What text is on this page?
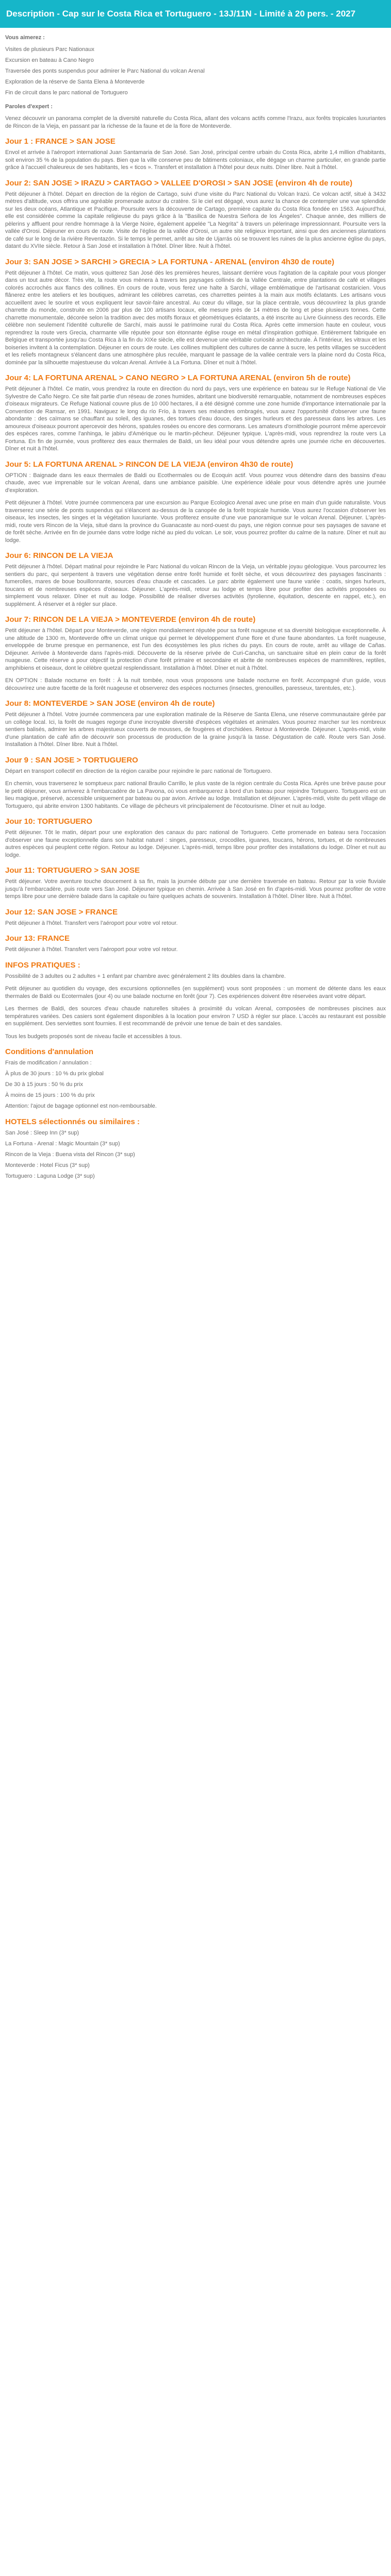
Description - Cap sur le Costa Rica et Tortuguero - 13J/11N - Limité à 20 pers. - 2027
Vous aimerez :
Visites de plusieurs Parc Nationaux
Excursion en bateau à Cano Negro
Traversée des ponts suspendus pour admirer le Parc National du volcan Arenal
Exploration de la réserve de Santa Elena à Monteverde
Fin de circuit dans le parc national de Tortuguero
Paroles d'expert :

Venez découvrir un panorama complet de la diversité naturelle du Costa Rica, allant des volcans actifs comme l'Irazu, aux forêts tropicales luxuriantes de Rincon de la Vieja, en passant par la richesse de la faune et de la flore de Monteverde.

Jour 1 : FRANCE > SAN JOSE

Envol et arrivée à l'aéroport international Juan Santamaria de San José. San José, principal centre urbain du Costa Rica, abrite 1,4 million d'habitants, soit environ 35 % de la population du pays. Bien que la ville conserve peu de bâtiments coloniaux, elle dégage un charme particulier, en grande partie grâce à l'accueil chaleureux de ses habitants, les « ticos ». Transfert et installation à l'hôtel pour deux nuits. Dîner libre. Nuit à l'hôtel.

Jour 2: SAN JOSE > IRAZU > CARTAGO > VALLEE D'OROSI > SAN JOSE (environ 4h de route)

Petit déjeuner à l'hôtel. Départ en direction de la région de Cartago, suivi d'une visite du Parc National du Volcan Irazú. Ce volcan actif, situé à 3432 mètres d'altitude, vous offrira une agréable promenade autour du cratère. Si le ciel est dégagé, vous aurez la chance de contempler une vue splendide sur les deux océans, Atlantique et Pacifique. Poursuite vers la découverte de Cartago, première capitale du Costa Rica fondée en 1563. Aujourd'hui, elle est considérée comme la capitale religieuse du pays grâce à la "Basilica de Nuestra Señora de los Ángeles". Chaque année, des milliers de pèlerins y affluent pour rendre hommage à la Vierge Noire, également appelée "La Negrita" à travers un pèlerinage impressionnant. Poursuite vers la vallée d'Orosi. Déjeuner en cours de route. Visite de l'église de la vallée d'Orosi, un autre site religieux important, ainsi que des anciennes plantations de café sur le long de la rivière Reventazón. Si le temps le permet, arrêt au site de Ujarrás où se trouvent les ruines de la plus ancienne église du pays, datant du XVIIe siècle. Retour à San José et installation à l'hôtel. Dîner libre. Nuit à l'hôtel.

Jour 3: SAN JOSE > SARCHI > GRECIA > LA FORTUNA - ARENAL (environ 4h30 de route)

Petit déjeuner à l'hôtel. Ce matin, vous quitterez San José dès les premières heures, laissant derrière vous l'agitation de la capitale pour vous plonger dans un tout autre décor. Très vite, la route vous mènera à travers les paysages collinés de la Vallée Centrale, entre plantations de café et villages colorés accrochés aux flancs des collines. En cours de route, vous ferez une halte à Sarchí, village emblématique de l'artisanat costaricien. Vous flânerez entre les ateliers et les boutiques, admirant les célèbres carretas, ces charrettes peintes à la main aux motifs éclatants. Les artisans vous accueillent avec le sourire et vous expliquent leur savoir-faire ancestral. Au cœur du village, sur la place centrale, vous découvrirez la plus grande charrette du monde, construite en 2006 par plus de 100 artisans locaux, elle mesure près de 14 mètres de long et pèse plusieurs tonnes. Cette charrette monumentale, décorée selon la tradition avec des motifs floraux et géométriques éclatants, a été inscrite au Livre Guinness des records. Elle célèbre non seulement l'identité culturelle de Sarchí, mais aussi le patrimoine rural du Costa Rica. Après cette immersion haute en couleur, vous reprendrez la route vers Grecia, charmante ville réputée pour son étonnante église rouge en métal d'inspiration gothique. Entièrement fabriquée en Belgique et transportée jusqu'au Costa Rica à la fin du XIXe siècle, elle est devenue une véritable curiosité architecturale. À l'intérieur, les vitraux et les boiseries invitent à la contemplation. Déjeuner en cours de route. Les collines multiplient des cultures de canne à sucre, les petits villages se succèdent et les reliefs montagneux s'élancent dans une atmosphère plus reculée, marquant le passage de la vallée centrale vers la plaine nord du Costa Rica, dominée par la silhouette majestueuse du volcan Arenal. Arrivée à La Fortuna. Dîner et nuit à l'hôtel.

Jour 4: LA FORTUNA ARENAL > CANO NEGRO > LA FORTUNA ARENAL (environ 5h de route)

Petit déjeuner à l'hôtel. Ce matin, vous prendrez la route en direction du nord du pays, vers une expérience en bateau sur le Refuge National de Vie Sylvestre de Caño Negro. Ce site fait partie d'un réseau de zones humides, abritant une biodiversité remarquable, notamment de nombreuses espèces d'oiseaux migrateurs. Ce Refuge National couvre plus de 10 000 hectares, il a été désigné comme une zone humide d'importance internationale par la Convention de Ramsar, en 1991. Naviguez le long du río Frío, à travers ses méandres ombragés, vous aurez l'opportunité d'observer une faune abondante : des caïmans se chauffant au soleil, des iguanes, des tortues d'eau douce, des singes hurleurs et des paresseux dans les arbres. Les amoureux d'oiseaux pourront apercevoir des hérons, spatules rosées ou encore des cormorans. Les amateurs d'ornithologie pourront même apercevoir des espèces rares, comme l'anhinga, le jabiru d'Amérique ou le martin-pêcheur. Déjeuner typique. L'après-midi, vous reprendrez la route vers La Fortuna. En fin de journée, vous profiterez des eaux thermales de Baldi, un lieu idéal pour vous détendre après une journée riche en découvertes. Dîner et nuit à l'hôtel.

Jour 5: LA FORTUNA ARENAL > RINCON DE LA VIEJA (environ 4h30 de route)

OPTION : Baignade dans les eaux thermales de Baldi ou Ecothermales ou de Ecoquin actif. Vous pourrez vous détendre dans des bassins d'eau chaude, avec vue imprenable sur le volcan Arenal, dans une ambiance paisible. Une expérience idéale pour vous détendre après une journée d'exploration.

Petit déjeuner à l'hôtel. Votre journée commencera par une excursion au Parque Ecologico Arenal avec une prise en main d'un guide naturaliste. Vous traverserez une série de ponts suspendus qui s'élancent au-dessus de la canopée de la forêt tropicale humide. Vous aurez l'occasion d'observer les oiseaux, les insectes, les singes et la végétation luxuriante. Vous profiterez ensuite d'une vue panoramique sur le volcan Arenal. Déjeuner. L'après-midi, route vers Rincon de la Vieja, situé dans la province du Guanacaste au nord-ouest du pays, une région connue pour ses paysages de savane et de forêt sèche. Arrivée en fin de journée dans votre lodge niché au pied du volcan. Le soir, vous pourrez profiter du calme de la nature. Dîner et nuit au lodge.

Jour 6: RINCON DE LA VIEJA

Petit déjeuner à l'hôtel. Départ matinal pour rejoindre le Parc National du volcan Rincon de la Vieja, un véritable joyau géologique. Vous parcourrez les sentiers du parc, qui serpentent à travers une végétation dense entre forêt humide et forêt sèche, et vous découvrirez des paysages fascinants : fumerolles, mares de boue bouillonnante, sources d'eau chaude et cascades. Le parc abrite également une faune variée : coatis, singes hurleurs, toucans et de nombreuses espèces d'oiseaux. Déjeuner. L'après-midi, retour au lodge et temps libre pour profiter des activités proposées ou simplement vous relaxer. Dîner et nuit au lodge. Possibilité de réaliser diverses activités (tyrolienne, équitation, descente en rappel, etc.), en supplément. À réserver et à régler sur place.

Jour 7: RINCON DE LA VIEJA > MONTEVERDE (environ 4h de route)

Petit déjeuner à l'hôtel. Départ pour Monteverde, une région mondialement réputée pour sa forêt nuageuse et sa diversité biologique exceptionnelle. À une altitude de 1300 m, Monteverde offre un climat unique qui permet le développement d'une flore et d'une faune abondantes. La forêt nuageuse, enveloppée de brume presque en permanence, est l'un des écosystèmes les plus riches du pays. En cours de route, arrêt au village de Cañas. Déjeuner. Arrivée à Monteverde dans l'après-midi. Découverte de la réserve privée de Curi-Cancha, un sanctuaire situé en plein cœur de la forêt nuageuse. Cette réserve a pour objectif la protection d'une forêt primaire et secondaire et abrite de nombreuses espèces de mammifères, reptiles, amphibiens et oiseaux, dont le célèbre quetzal resplendissant. Installation à l'hôtel. Dîner et nuit à l'hôtel.

EN OPTION : Balade nocturne en forêt : À la nuit tombée, nous vous proposons une balade nocturne en forêt. Accompagné d'un guide, vous découvrirez une autre facette de la forêt nuageuse et observerez des espèces nocturnes (insectes, grenouilles, paresseux, tarentules, etc.).

Jour 8: MONTEVERDE > SAN JOSE (environ 4h de route)

Petit déjeuner à l'hôtel. Votre journée commencera par une exploration matinale de la Réserve de Santa Elena, une réserve communautaire gérée par un collège local. Ici, la forêt de nuages regorge d'une incroyable diversité d'espèces végétales et animales. Vous pourrez marcher sur les nombreux sentiers balisés, admirer les arbres majestueux couverts de mousses, de fougères et d'orchidées. Retour à Monteverde. Déjeuner. L'après-midi, visite d'une plantation de café afin de découvrir son processus de production de la graine jusqu'à la tasse. Dégustation de café. Route vers San José. Installation à l'hôtel. Dîner libre. Nuit à l'hôtel.

Jour 9 : SAN JOSE > TORTUGUERO

Départ en transport collectif en direction de la région caraïbe pour rejoindre le parc national de Tortuguero.

En chemin, vous traverserez le somptueux parc national Braulio Carrillo, le plus vaste de la région centrale du Costa Rica. Après une brève pause pour le petit déjeuner, vous arriverez à l'embarcadère de La Pavona, où vous embarquerez à bord d'un bateau pour rejoindre Tortuguero. Tortuguero est un lieu magique, préservé, accessible uniquement par bateau ou par avion. Arrivée au lodge. Installation et déjeuner. L'après-midi, visite du petit village de Tortuguero, qui abrite environ 1300 habitants. Ce village de pêcheurs vit principalement de l'écotourisme. Dîner et nuit au lodge.

Jour 10: TORTUGUERO

Petit déjeuner. Tôt le matin, départ pour une exploration des canaux du parc national de Tortuguero. Cette promenade en bateau sera l'occasion d'observer une faune exceptionnelle dans son habitat naturel : singes, paresseux, crocodiles, iguanes, toucans, hérons, tortues, et de nombreuses autres espèces qui peuplent cette région. Retour au lodge. Déjeuner. L'après-midi, temps libre pour profiter des installations du lodge. Dîner et nuit au lodge.

Jour 11: TORTUGUERO > SAN JOSE

Petit déjeuner. Votre aventure touche doucement à sa fin, mais la journée débute par une dernière traversée en bateau. Retour par la voie fluviale jusqu'à l'embarcadère, puis route vers San José. Déjeuner typique en chemin. Arrivée à San José en fin d'après-midi. Vous pourrez profiter de votre temps libre pour une dernière balade dans la capitale ou faire quelques achats de souvenirs. Installation à l'hôtel. Dîner libre. Nuit à l'hôtel.

Jour 12: SAN JOSE > FRANCE

Petit déjeuner à l'hôtel. Transfert vers l'aéroport pour votre vol retour.

Jour 13: FRANCE

Petit déjeuner à l'hôtel. Transfert vers l'aéroport pour votre vol retour.

INFOS PRATIQUES :

Possibilité de 3 adultes ou 2 adultes + 1 enfant par chambre avec généralement 2 lits doubles dans la chambre.

Petit déjeuner au quotidien du voyage, des excursions optionnelles (en supplément) vous sont proposées : un moment de détente dans les eaux thermales de Baldi ou Ecotermales (jour 4) ou une balade nocturne en forêt (jour 7). Ces expériences doivent être réservées avant votre départ.

Les thermes de Baldi, des sources d'eau chaude naturelles situées à proximité du volcan Arenal, composées de nombreuses piscines aux températures variées. Des casiers sont également disponibles à la location pour environ 7 USD à régler sur place. L'accès au restaurant est possible en supplément. Des serviettes sont fournies. Il est recommandé de prévoir une tenue de bain et des sandales.

Tous les budgets proposés sont de niveau facile et accessibles à tous.

Conditions d'annulation
Frais de modification / annulation :
À plus de 30 jours : 10 % du prix global
De 30 à 15 jours : 50 % du prix
À moins de 15 jours : 100 % du prix
Attention: l'ajout de bagage optionnel est non-remboursable.
HOTELS sélectionnés ou similaires :
San José : Sleep Inn (3* sup)
La Fortuna - Arenal : Magic Mountain (3* sup)
Rincon de la Vieja : Buena vista del Rincon (3* sup)
Monteverde : Hotel Ficus (3* sup)
Tortuguero : Laguna Lodge (3* sup)
